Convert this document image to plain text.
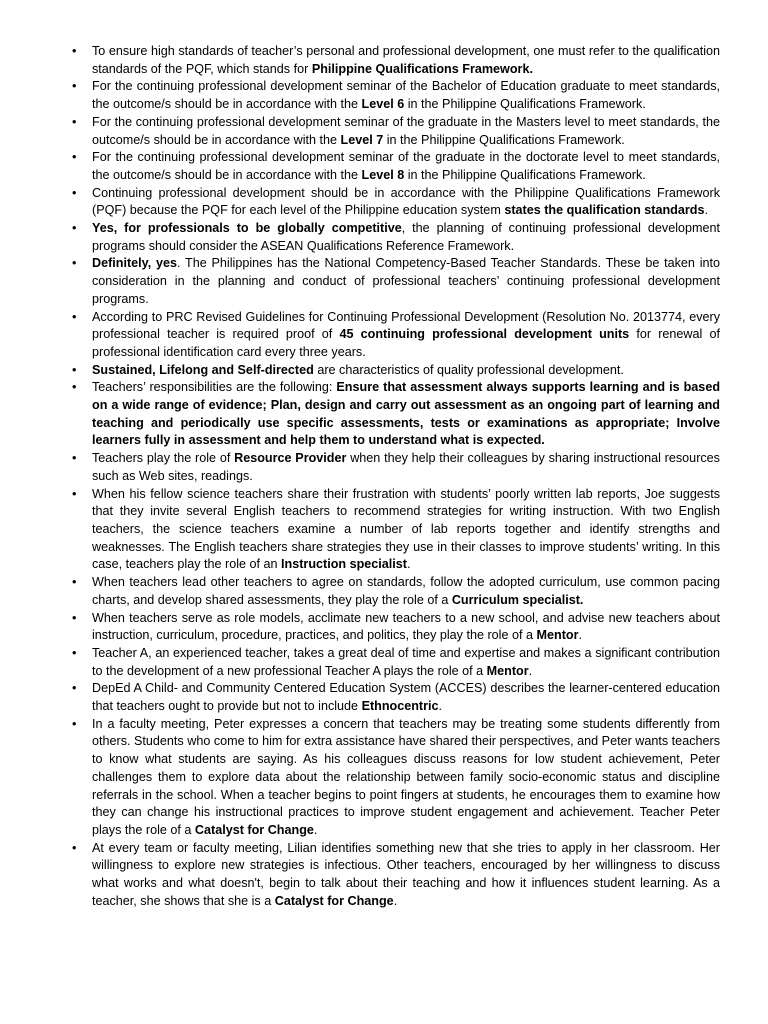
•	To ensure high standards of teacher’s personal and professional development, one must refer to the qualification standards of the PQF, which stands for Philippine Qualifications Framework.
•	For the continuing professional development seminar of the Bachelor of Education graduate to meet standards, the outcome/s should be in accordance with the Level 6 in the Philippine Qualifications Framework.
•	For the continuing professional development seminar of the graduate in the Masters level to meet standards, the outcome/s should be in accordance with the Level 7 in the Philippine Qualifications Framework.
•	For the continuing professional development seminar of the graduate in the doctorate level to meet standards, the outcome/s should be in accordance with the Level 8 in the Philippine Qualifications Framework.
•	Continuing professional development should be in accordance with the Philippine Qualifications Framework (PQF) because the PQF for each level of the Philippine education system states the qualification standards.
•	Yes, for professionals to be globally competitive, the planning of continuing professional development programs should consider the ASEAN Qualifications Reference Framework.
•	Definitely, yes. The Philippines has the National Competency-Based Teacher Standards. These be taken into consideration in the planning and conduct of professional teachers’ continuing professional development programs.
•	According to PRC Revised Guidelines for Continuing Professional Development (Resolution No. 2013774, every professional teacher is required proof of 45 continuing professional development units for renewal of professional identification card every three years.
•	Sustained, Lifelong and Self-directed are characteristics of quality professional development.
•	Teachers’ responsibilities are the following: Ensure that assessment always supports learning and is based on a wide range of evidence; Plan, design and carry out assessment as an ongoing part of learning and teaching and periodically use specific assessments, tests or examinations as appropriate; Involve learners fully in assessment and help them to understand what is expected.
•	Teachers play the role of Resource Provider when they help their colleagues by sharing instructional resources such as Web sites, readings.
•	When his fellow science teachers share their frustration with students’ poorly written lab reports, Joe suggests that they invite several English teachers to recommend strategies for writing instruction. With two English teachers, the science teachers examine a number of lab reports together and identify strengths and weaknesses. The English teachers share strategies they use in their classes to improve students’ writing. In this case, teachers play the role of an Instruction specialist.
•	When teachers lead other teachers to agree on standards, follow the adopted curriculum, use common pacing charts, and develop shared assessments, they play the role of a Curriculum specialist.
•	When teachers serve as role models, acclimate new teachers to a new school, and advise new teachers about instruction, curriculum, procedure, practices, and politics, they play the role of a Mentor.
•	Teacher A, an experienced teacher, takes a great deal of time and expertise and makes a significant contribution to the development of a new professional Teacher A plays the role of a Mentor.
•	DepEd A Child- and Community Centered Education System (ACCES) describes the learner-centered education that teachers ought to provide but not to include Ethnocentric.
•	In a faculty meeting, Peter expresses a concern that teachers may be treating some students differently from others. Students who come to him for extra assistance have shared their perspectives, and Peter wants teachers to know what students are saying. As his colleagues discuss reasons for low student achievement, Peter challenges them to explore data about the relationship between family socio-economic status and discipline referrals in the school. When a teacher begins to point fingers at students, he encourages them to examine how they can change his instructional practices to improve student engagement and achievement. Teacher Peter plays the role of a Catalyst for Change.
•	At every team or faculty meeting, Lilian identifies something new that she tries to apply in her classroom. Her willingness to explore new strategies is infectious. Other teachers, encouraged by her willingness to discuss what works and what doesn't, begin to talk about their teaching and how it influences student learning. As a teacher, she shows that she is a Catalyst for Change.
